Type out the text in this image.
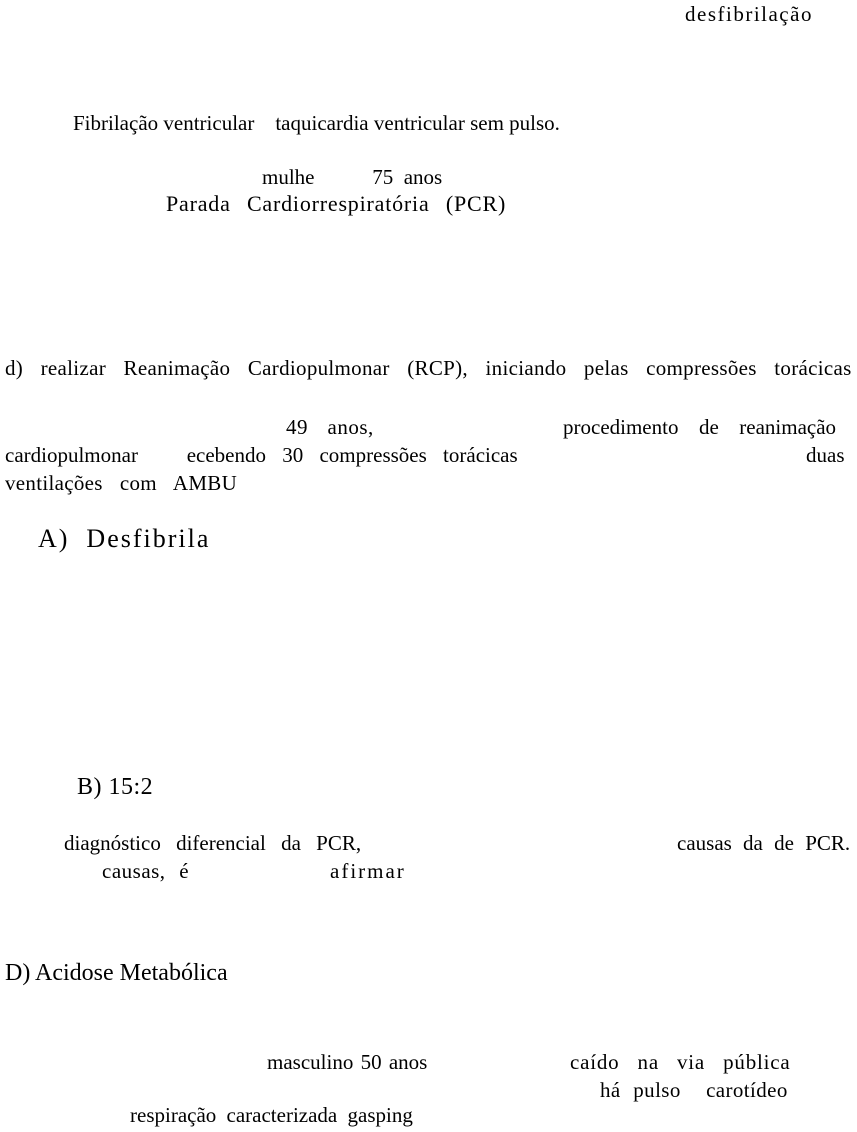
desfibrilação
Fibrilação ventricular    taquicardia ventricular sem pulso.
mulhe           75  anos
Parada Cardiorrespiratória (PCR)
d) realizar Reanimação Cardiopulmonar (RCP), iniciando pelas compressões torácicas
49  anos,	procedimento  de  reanimação
cardiopulmonar   ecebendo 30 compressões torácicas	duas
ventilações  com  AMBU
A)  Desfibrila
B) 15:2
diagnóstico diferencial da PCR,	causas da de PCR.
causas, é	afirmar
D) Acidose Metabólica
masculino 50 anos	caído na via pública
há pulso  carotídeo
respiração caracterizada gasping
